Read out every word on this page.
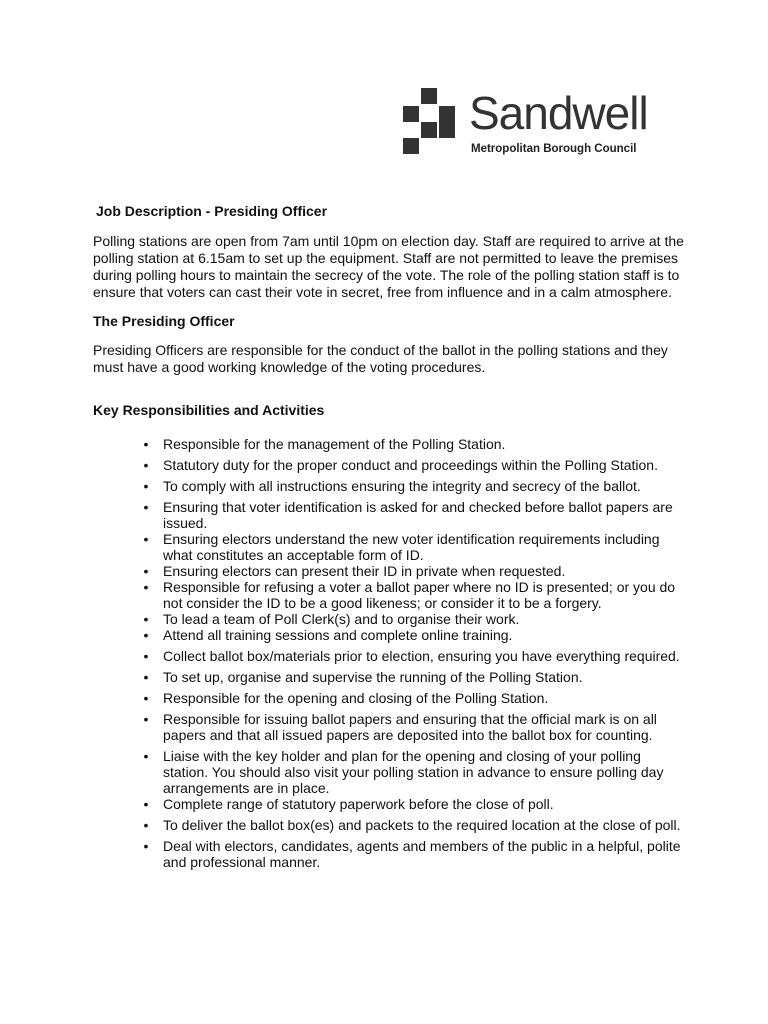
Sandwell
Metropolitan Borough Council
Job Description - Presiding Officer

Polling stations are open from 7am until 10pm on election day. Staff are required to arrive at the polling station at 6.15am to set up the equipment. Staff are not permitted to leave the premises during polling hours to maintain the secrecy of the vote. The role of the polling station staff is to ensure that voters can cast their vote in secret, free from influence and in a calm atmosphere.

The Presiding Officer

Presiding Officers are responsible for the conduct of the ballot in the polling stations and they must have a good working knowledge of the voting procedures.

Key Responsibilities and Activities
• Responsible for the management of the Polling Station.
• Statutory duty for the proper conduct and proceedings within the Polling Station.
• To comply with all instructions ensuring the integrity and secrecy of the ballot.
• Ensuring that voter identification is asked for and checked before ballot papers are issued.
• Ensuring electors understand the new voter identification requirements including what constitutes an acceptable form of ID.
• Ensuring electors can present their ID in private when requested.
• Responsible for refusing a voter a ballot paper where no ID is presented; or you do not consider the ID to be a good likeness; or consider it to be a forgery.
• To lead a team of Poll Clerk(s) and to organise their work.
• Attend all training sessions and complete online training.
• Collect ballot box/materials prior to election, ensuring you have everything required.
• To set up, organise and supervise the running of the Polling Station.
• Responsible for the opening and closing of the Polling Station.
• Responsible for issuing ballot papers and ensuring that the official mark is on all papers and that all issued papers are deposited into the ballot box for counting.
• Liaise with the key holder and plan for the opening and closing of your polling station. You should also visit your polling station in advance to ensure polling day arrangements are in place.
• Complete range of statutory paperwork before the close of poll.
• To deliver the ballot box(es) and packets to the required location at the close of poll.
• Deal with electors, candidates, agents and members of the public in a helpful, polite and professional manner.
